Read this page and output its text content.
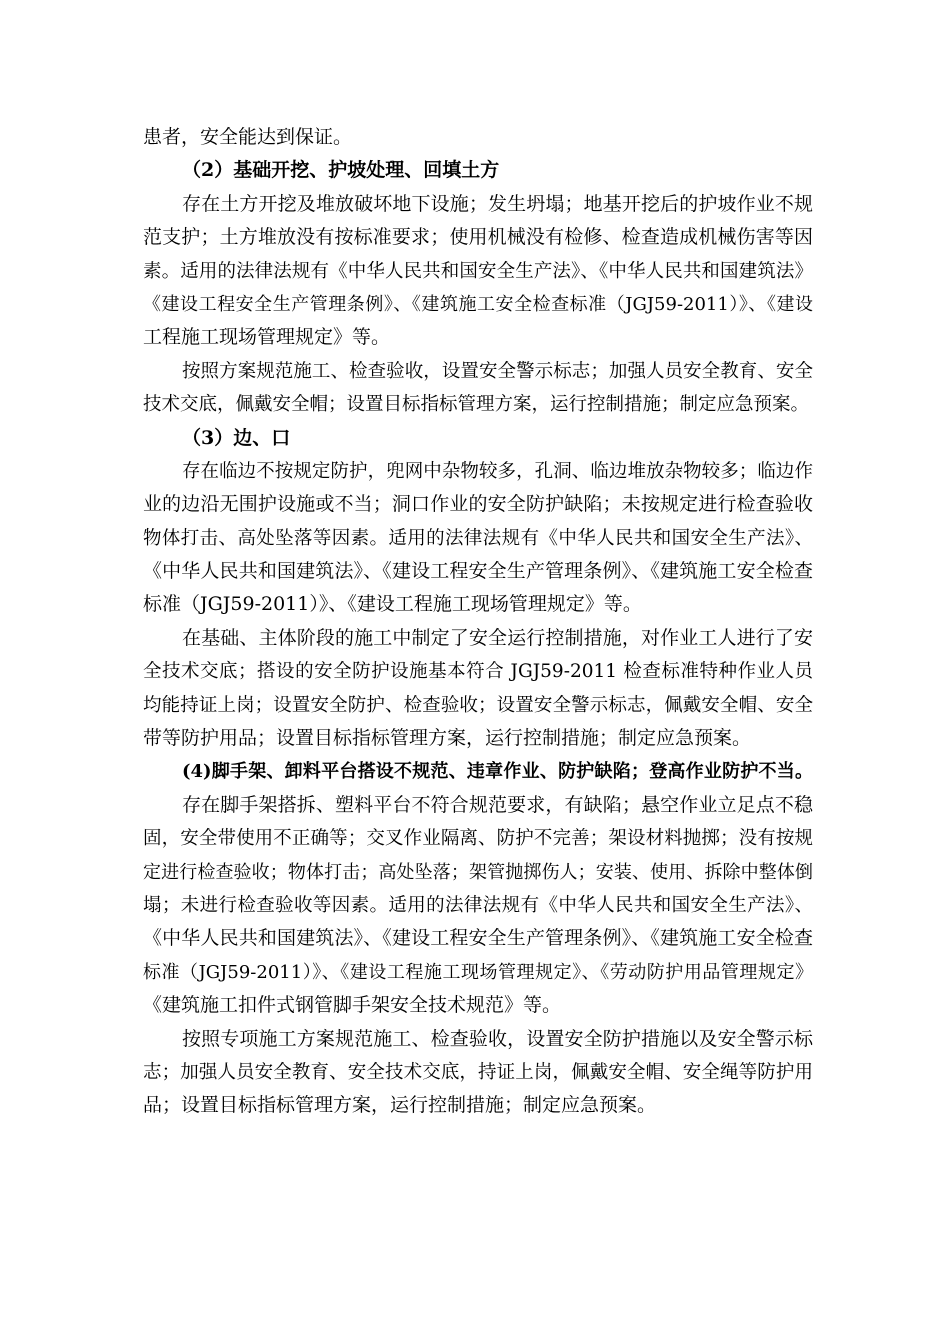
患者，安全能达到保证。
（2）基础开挖、护坡处理、回填土方
存在土方开挖及堆放破坏地下设施；发生坍塌；地基开挖后的护坡作业不规
范支护；土方堆放没有按标准要求；使用机械没有检修、检查造成机械伤害等因
素。适用的法律法规有《中华人民共和国安全生产法》、《中华人民共和国建筑法》
《建设工程安全生产管理条例》、《建筑施工安全检查标准（JGJ59-2011）》、《建设
工程施工现场管理规定》等。
按照方案规范施工、检查验收，设置安全警示标志；加强人员安全教育、安全
技术交底，佩戴安全帽；设置目标指标管理方案，运行控制措施；制定应急预案。
（3）边、口
存在临边不按规定防护，兜网中杂物较多，孔洞、临边堆放杂物较多；临边作
业的边沿无围护设施或不当；洞口作业的安全防护缺陷；未按规定进行检查验收
物体打击、高处坠落等因素。适用的法律法规有《中华人民共和国安全生产法》、
《中华人民共和国建筑法》、《建设工程安全生产管理条例》、《建筑施工安全检查
标准（JGJ59-2011）》、《建设工程施工现场管理规定》等。
在基础、主体阶段的施工中制定了安全运行控制措施，对作业工人进行了安
全技术交底；搭设的安全防护设施基本符合 JGJ59-2011 检查标准特种作业人员
均能持证上岗；设置安全防护、检查验收；设置安全警示标志，佩戴安全帽、安全
带等防护用品；设置目标指标管理方案，运行控制措施；制定应急预案。
(4)脚手架、卸料平台搭设不规范、违章作业、防护缺陷；登高作业防护不当。
存在脚手架搭拆、塑料平台不符合规范要求，有缺陷；悬空作业立足点不稳
固，安全带使用不正确等；交叉作业隔离、防护不完善；架设材料抛掷；没有按规
定进行检查验收；物体打击；高处坠落；架管抛掷伤人；安装、使用、拆除中整体倒
塌；未进行检查验收等因素。适用的法律法规有《中华人民共和国安全生产法》、
《中华人民共和国建筑法》、《建设工程安全生产管理条例》、《建筑施工安全检查
标准（JGJ59-2011）》、《建设工程施工现场管理规定》、《劳动防护用品管理规定》
《建筑施工扣件式钢管脚手架安全技术规范》等。
按照专项施工方案规范施工、检查验收，设置安全防护措施以及安全警示标
志；加强人员安全教育、安全技术交底，持证上岗，佩戴安全帽、安全绳等防护用
品；设置目标指标管理方案，运行控制措施；制定应急预案。
